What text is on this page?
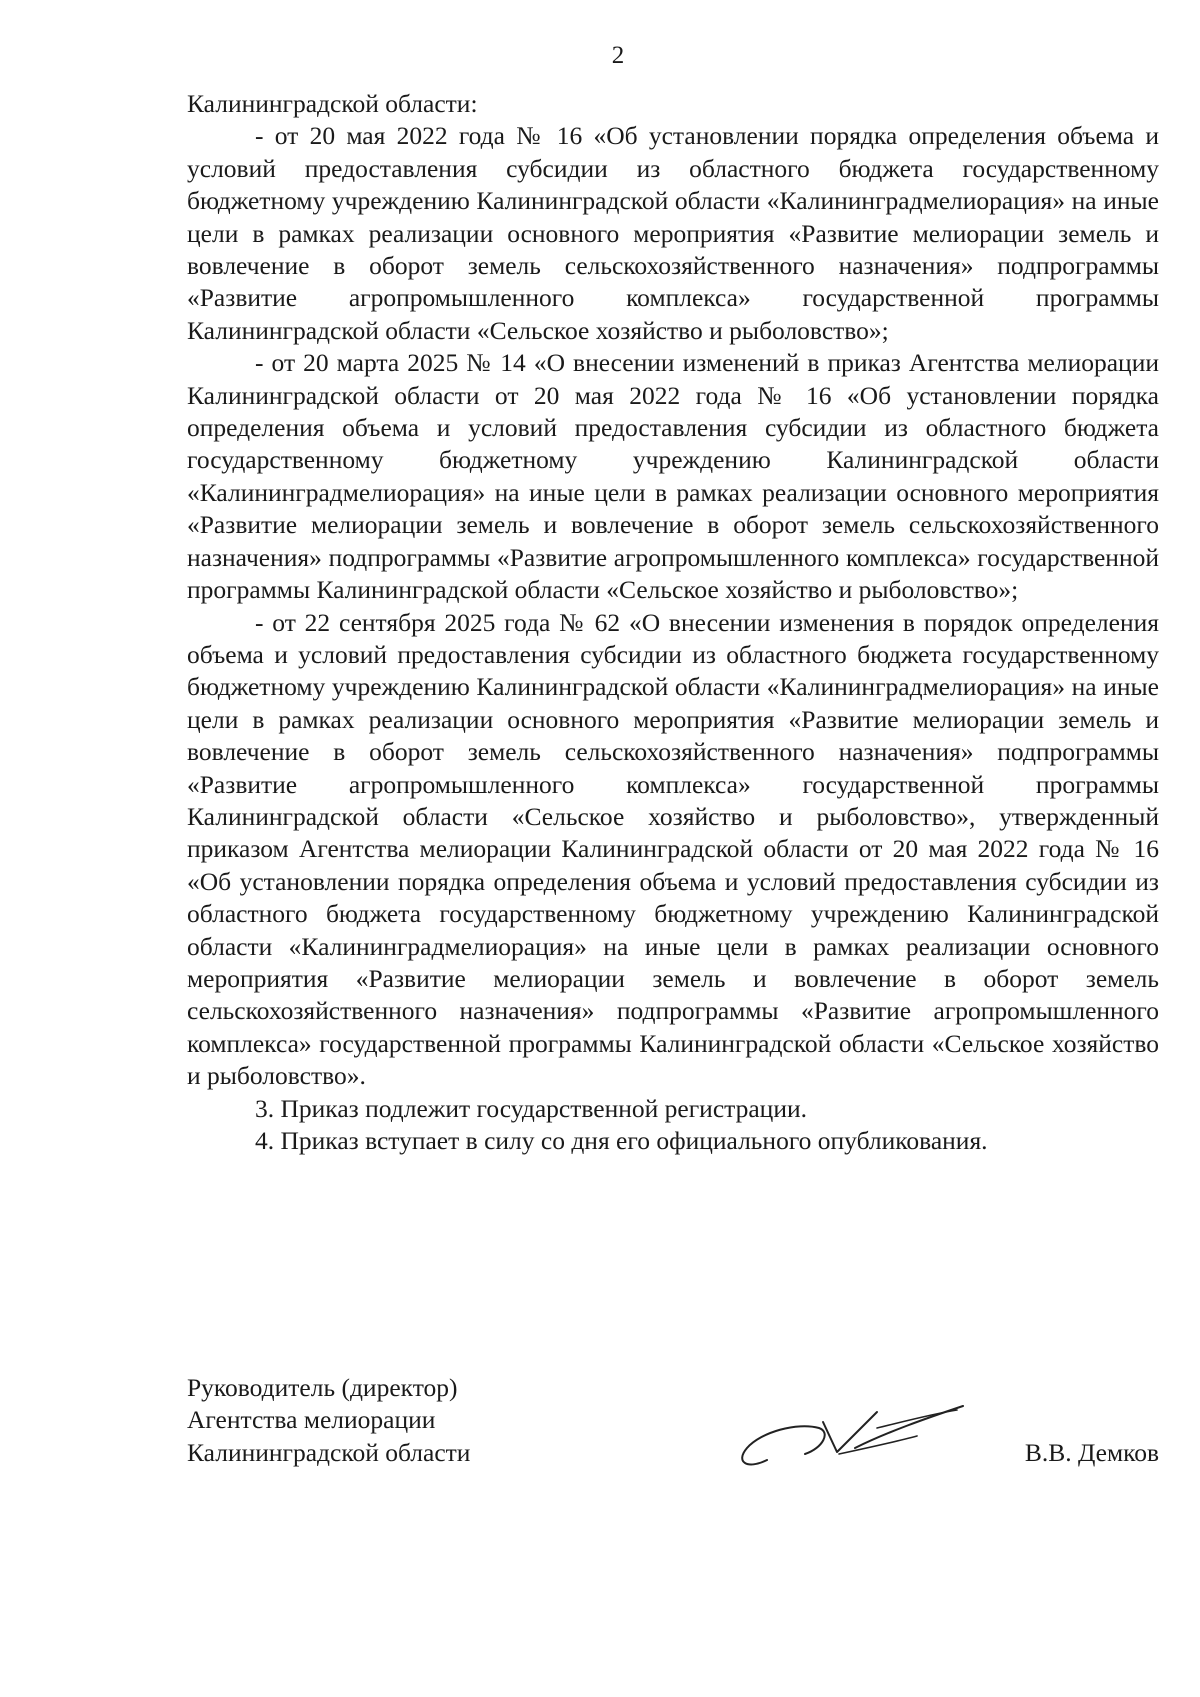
2

Калининградской области:

- от 20 мая 2022 года № 16 «Об установлении порядка определения объема и условий предоставления субсидии из областного бюджета государственному бюджетному учреждению Калининградской области «Калининградмелиорация» на иные цели в рамках реализации основного мероприятия «Развитие мелиорации земель и вовлечение в оборот земель сельскохозяйственного назначения» подпрограммы «Развитие агропромышленного комплекса» государственной программы Калининградской области «Сельское хозяйство и рыболовство»;

- от 20 марта 2025 № 14 «О внесении изменений в приказ Агентства мелиорации Калининградской области от 20 мая 2022 года № 16 «Об установлении порядка определения объема и условий предоставления субсидии из областного бюджета государственному бюджетному учреждению Калининградской области «Калининградмелиорация» на иные цели в рамках реализации основного мероприятия «Развитие мелиорации земель и вовлечение в оборот земель сельскохозяйственного назначения» подпрограммы «Развитие агропромышленного комплекса» государственной программы Калининградской области «Сельское хозяйство и рыболовство»;

- от 22 сентября 2025 года № 62 «О внесении изменения в порядок определения объема и условий предоставления субсидии из областного бюджета государственному бюджетному учреждению Калининградской области «Калининградмелиорация» на иные цели в рамках реализации основного мероприятия «Развитие мелиорации земель и вовлечение в оборот земель сельскохозяйственного назначения» подпрограммы «Развитие агропромышленного комплекса» государственной программы Калининградской области «Сельское хозяйство и рыболовство», утвержденный приказом Агентства мелиорации Калининградской области от 20 мая 2022 года № 16 «Об установлении порядка определения объема и условий предоставления субсидии из областного бюджета государственному бюджетному учреждению Калининградской области «Калининградмелиорация» на иные цели в рамках реализации основного мероприятия «Развитие мелиорации земель и вовлечение в оборот земель сельскохозяйственного назначения» подпрограммы «Развитие агропромышленного комплекса» государственной программы Калининградской области «Сельское хозяйство и рыболовство».

3. Приказ подлежит государственной регистрации.

4. Приказ вступает в силу со дня его официального опубликования.

Руководитель (директор)
Агентства мелиорации
Калининградской области	В.В. Демков
